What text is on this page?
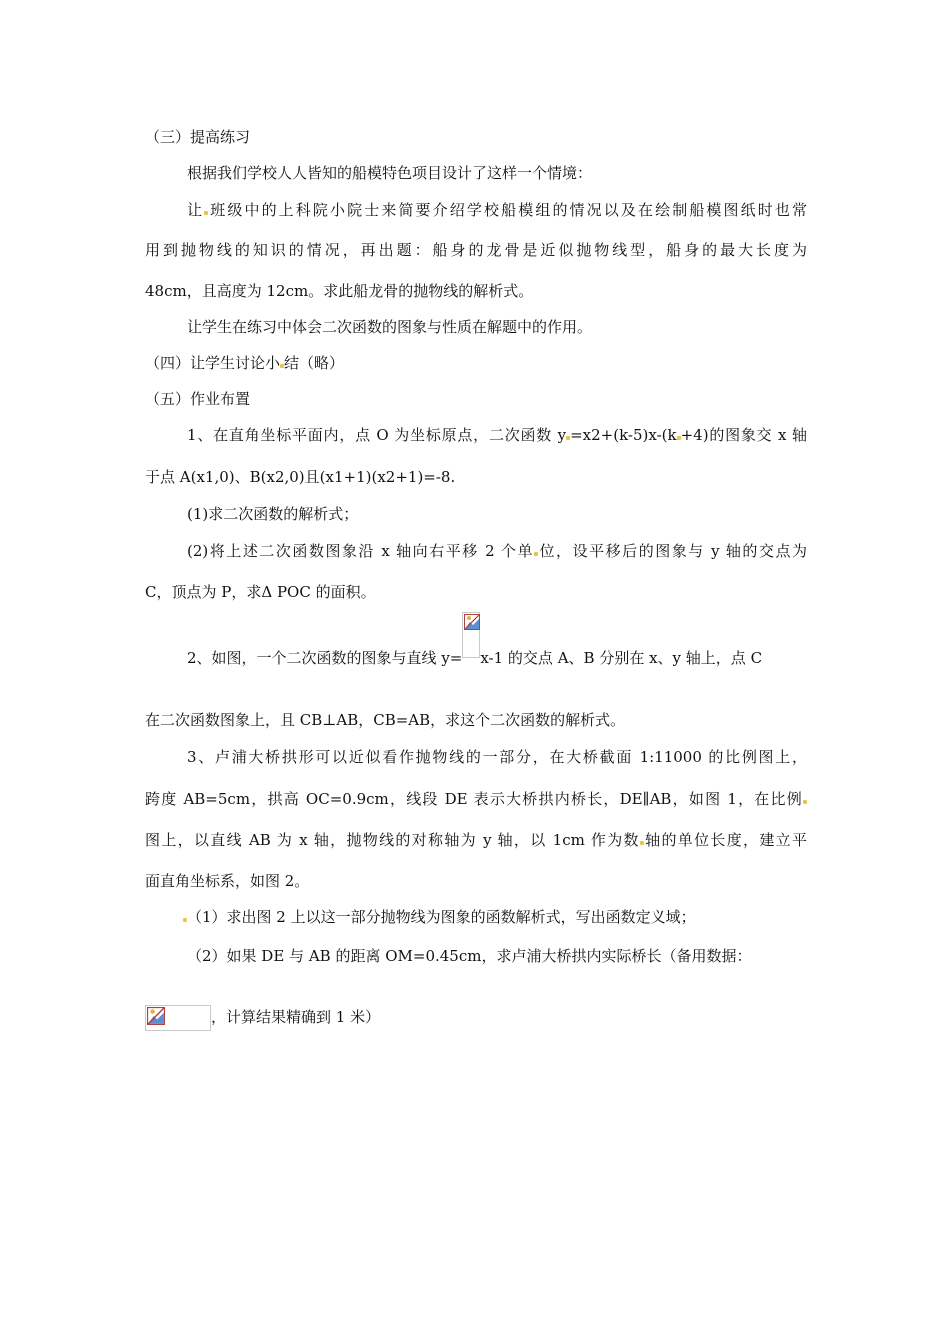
（三）提高练习
根据我们学校人人皆知的船模特色项目设计了这样一个情境：
让 班级中的上科院小院士来简要介绍学校船模组的情况以及在绘制船模图纸时也常
用到抛物线的知识的情况，再出题：船身的龙骨是近似抛物线型，船身的最大长度为
48cm，且高度为 12cm。求此船龙骨的抛物线的解析式。
让学生在练习中体会二次函数的图象与性质在解题中的作用。
（四）让学生讨论小 结（略）
（五）作业布置
1、在直角坐标平面内，点 O 为坐标原点，二次函数 y =x2+(k-5)x-(k +4)的图象交 x 轴
于点 A(x1,0)、B(x2,0)且(x1+1)(x2+1)=-8.
(1)求二次函数的解析式；
(2)将上述二次函数图象沿 x 轴向右平移 2 个单 位，设平移后的图象与 y 轴的交点为
C，顶点为 P，求Δ POC 的面积。
2、如图，一个二次函数的图象与直线 y= x-1 的交点 A、B 分别在 x、y 轴上，点 C
在二次函数图象上，且 CB⊥AB，CB=AB，求这个二次函数的解析式。
3、卢浦大桥拱形可以近似看作抛物线的一部分，在大桥截面 1:11000 的比例图上，
跨度 AB=5cm，拱高 OC=0.9cm，线段 DE 表示大桥拱内桥长，DE∥AB，如图 1，在比例
图上，以直线 AB 为 x 轴，抛物线的对称轴为 y 轴，以 1cm 作为数 轴的单位长度，建立平
面直角坐标系，如图 2。
（1）求出图 2 上以这一部分抛物线为图象的函数解析式，写出函数定义域；
（2）如果 DE 与 AB 的距离 OM=0.45cm，求卢浦大桥拱内实际桥长（备用数据：
，计算结果精确到 1 米）
